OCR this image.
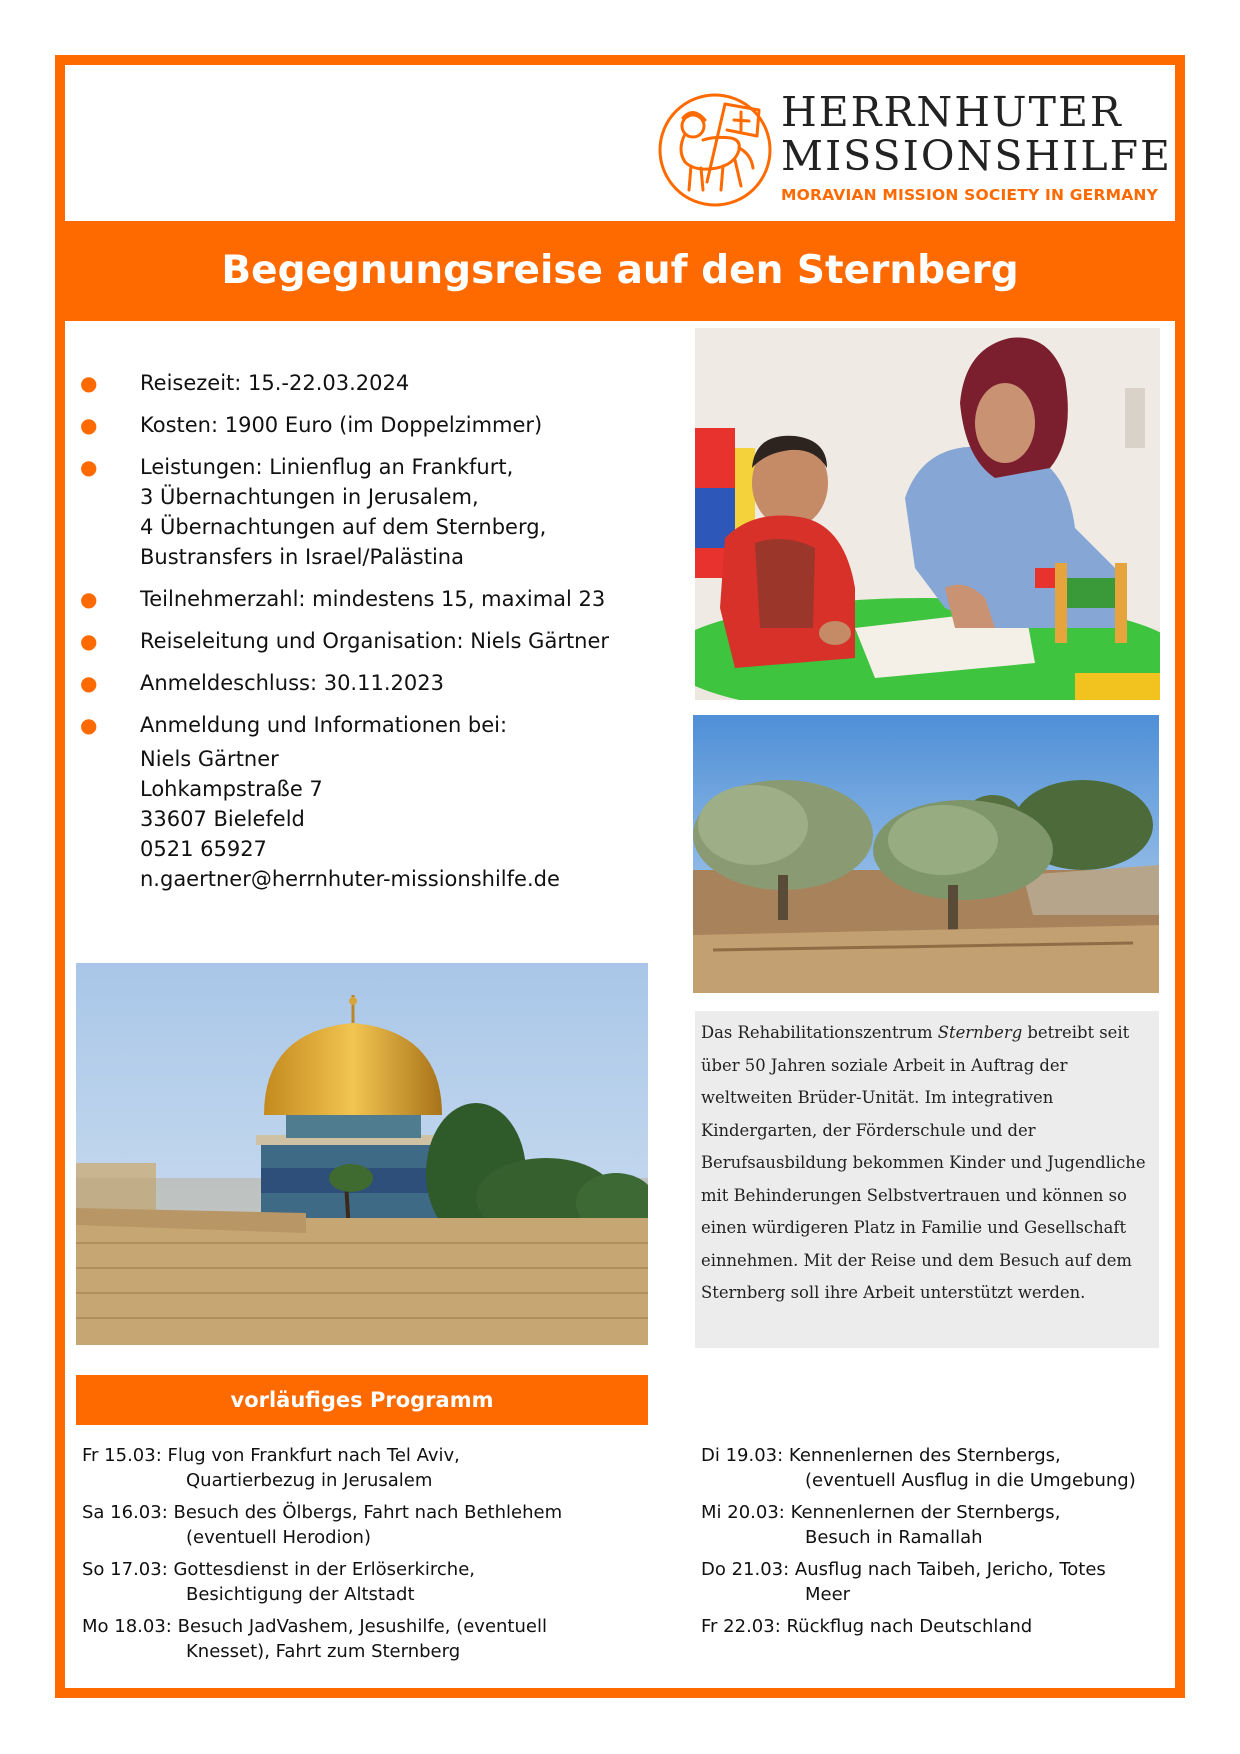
HERRNHUTER
MISSIONSHILFE
MORAVIAN MISSION SOCIETY IN GERMANY
Begegnungsreise auf den Sternberg
● Reisezeit: 15.-22.03.2024
● Kosten: 1900 Euro (im Doppelzimmer)
● Leistungen: Linienflug an Frankfurt,
3 Übernachtungen in Jerusalem,
4 Übernachtungen auf dem Sternberg,
Bustransfers in Israel/Palästina
● Teilnehmerzahl: mindestens 15, maximal 23
● Reiseleitung und Organisation: Niels Gärtner
● Anmeldeschluss: 30.11.2023
● Anmeldung und Informationen bei:

Niels Gärtner
Lohkampstraße 7
33607 Bielefeld
0521 65927
n.gaertner@herrnhuter-missionshilfe.de

Das Rehabilitationszentrum Sternberg betreibt seit über 50 Jahren soziale Arbeit in Auftrag der weltweiten Brüder-Unität. Im integrativen Kindergarten, der Förderschule und der Berufsausbildung bekommen Kinder und Jugendliche mit Behinderungen Selbstvertrauen und können so einen würdigeren Platz in Familie und Gesellschaft einnehmen. Mit der Reise und dem Besuch auf dem Sternberg soll ihre Arbeit unterstützt werden.
vorläufiges Programm
Fr 15.03: Flug von Frankfurt nach Tel Aviv,
Quartierbezug in Jerusalem
Sa 16.03: Besuch des Ölbergs, Fahrt nach Bethlehem
(eventuell Herodion)
So 17.03: Gottesdienst in der Erlöserkirche,
Besichtigung der Altstadt
Mo 18.03: Besuch JadVashem, Jesushilfe, (eventuell
Knesset), Fahrt zum Sternberg
Di 19.03: Kennenlernen des Sternbergs,
(eventuell Ausflug in die Umgebung)
Mi 20.03: Kennenlernen der Sternbergs,
Besuch in Ramallah
Do 21.03: Ausflug nach Taibeh, Jericho, Totes
Meer
Fr 22.03: Rückflug nach Deutschland
